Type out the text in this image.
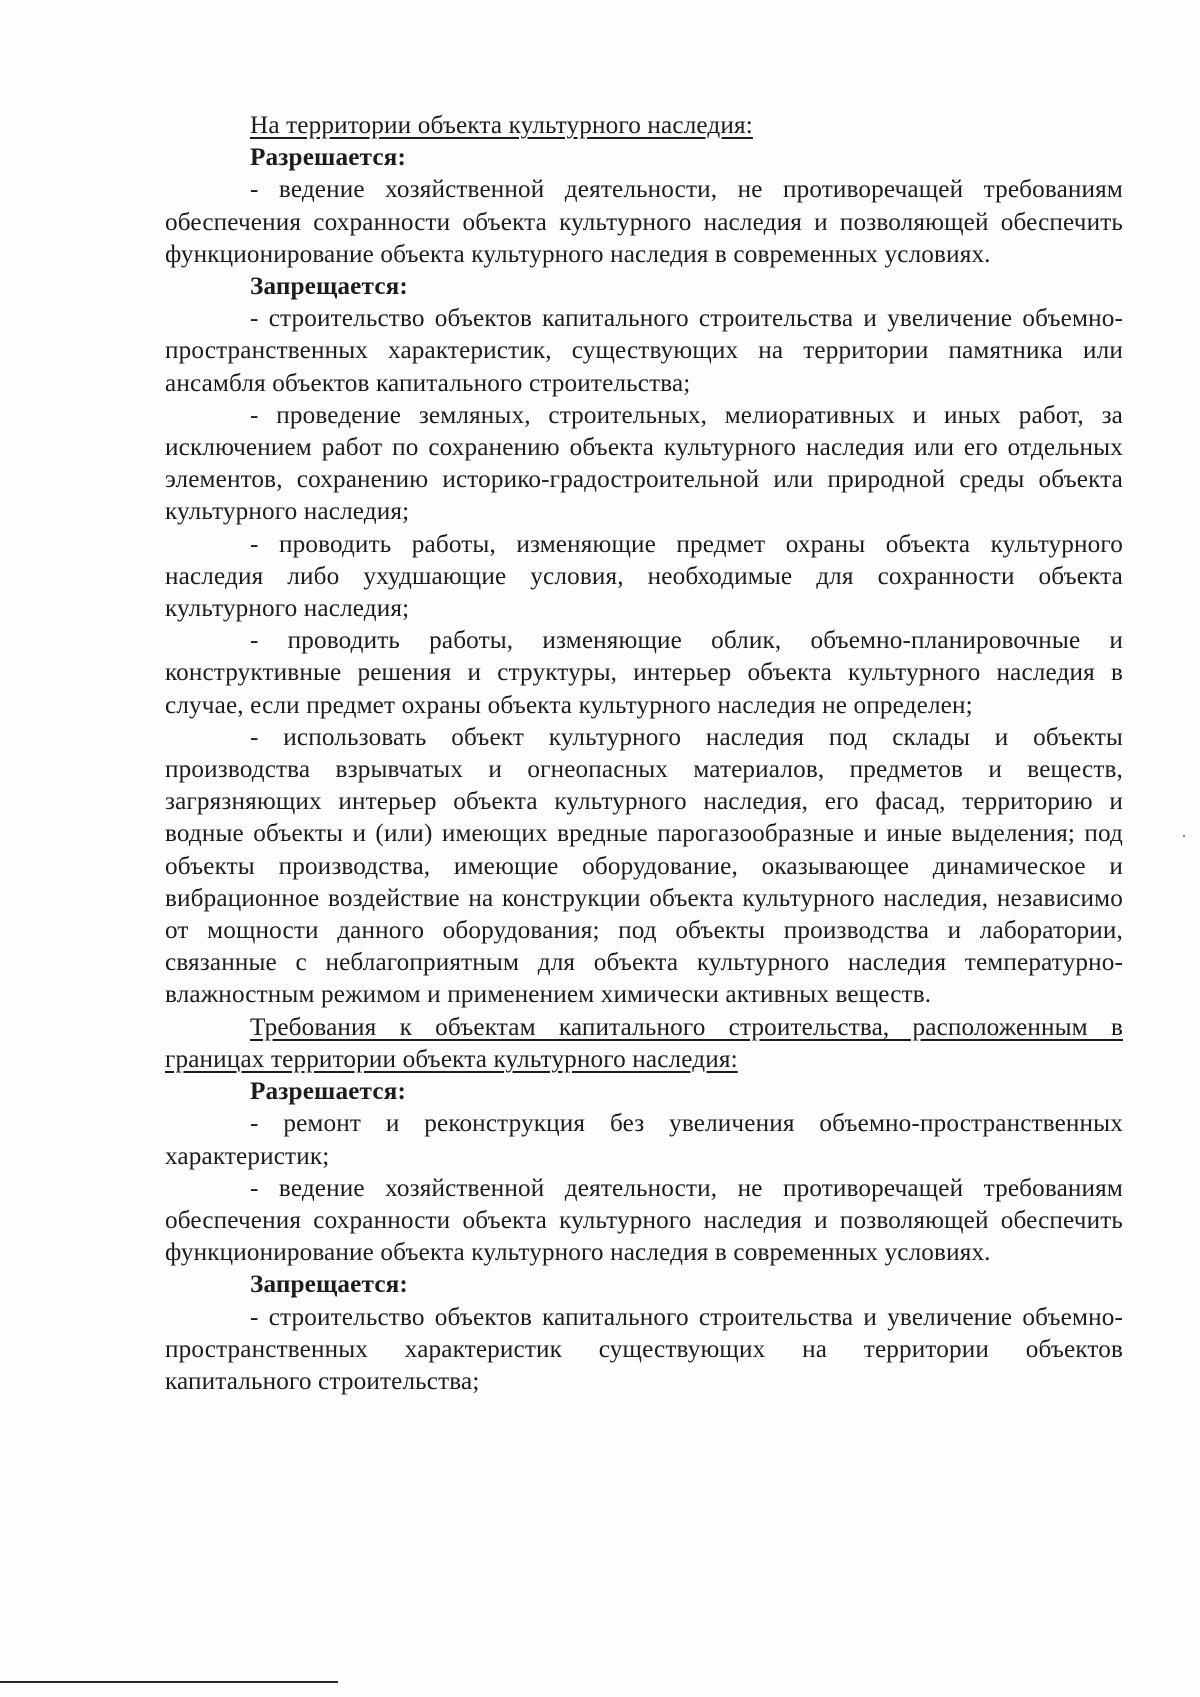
На территории объекта культурного наследия:

Разрешается:

- ведение хозяйственной деятельности, не противоречащей требованиям обеспечения сохранности объекта культурного наследия и позволяющей обеспечить функционирование объекта культурного наследия в современных условиях.

Запрещается:

- строительство объектов капитального строительства и увеличение объемно-пространственных характеристик, существующих на территории памятника или ансамбля объектов капитального строительства;

- проведение земляных, строительных, мелиоративных и иных работ, за исключением работ по сохранению объекта культурного наследия или его отдельных элементов, сохранению историко-градостроительной или природной среды объекта культурного наследия;

- проводить работы, изменяющие предмет охраны объекта культурного наследия либо ухудшающие условия, необходимые для сохранности объекта культурного наследия;

- проводить работы, изменяющие облик, объемно-планировочные и конструктивные решения и структуры, интерьер объекта культурного наследия в случае, если предмет охраны объекта культурного наследия не определен;

- использовать объект культурного наследия под склады и объекты производства взрывчатых и огнеопасных материалов, предметов и веществ, загрязняющих интерьер объекта культурного наследия, его фасад, территорию и водные объекты и (или) имеющих вредные парогазообразные и иные выделения; под объекты производства, имеющие оборудование, оказывающее динамическое и вибрационное воздействие на конструкции объекта культурного наследия, независимо от мощности данного оборудования; под объекты производства и лаборатории, связанные с неблагоприятным для объекта культурного наследия температурно-влажностным режимом и применением химически активных веществ.

Требования к объектам капитального строительства, расположенным в границах территории объекта культурного наследия:

Разрешается:

- ремонт и реконструкция без увеличения объемно-пространственных характеристик;

- ведение хозяйственной деятельности, не противоречащей требованиям обеспечения сохранности объекта культурного наследия и позволяющей обеспечить функционирование объекта культурного наследия в современных условиях.

Запрещается:

- строительство объектов капитального строительства и увеличение объемно-пространственных характеристик существующих на территории объектов капитального строительства;
